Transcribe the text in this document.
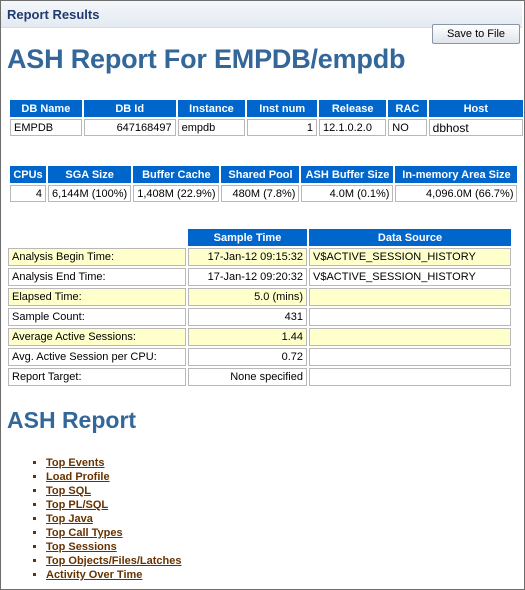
Report Results
Save to File
ASH Report For EMPDB/empdb
DB Name	DB Id	Instance	Inst num	Release	RAC	Host
EMPDB	647168497	empdb	1	12.1.0.2.0	NO	dbhost
CPUs	SGA Size	Buffer Cache	Shared Pool	ASH Buffer Size	In-memory Area Size
4	6,144M (100%)	1,408M (22.9%)	480M (7.8%)	4.0M (0.1%)	4,096.0M (66.7%)
	Sample Time	Data Source
Analysis Begin Time:	17-Jan-12 09:15:32	V$ACTIVE_SESSION_HISTORY
Analysis End Time:	17-Jan-12 09:20:32	V$ACTIVE_SESSION_HISTORY
Elapsed Time:	5.0 (mins)	
Sample Count:	431	
Average Active Sessions:	1.44	
Avg. Active Session per CPU:	0.72	
Report Target:	None specified	
ASH Report
▪ Top Events
▪ Load Profile
▪ Top SQL
▪ Top PL/SQL
▪ Top Java
▪ Top Call Types
▪ Top Sessions
▪ Top Objects/Files/Latches
▪ Activity Over Time
